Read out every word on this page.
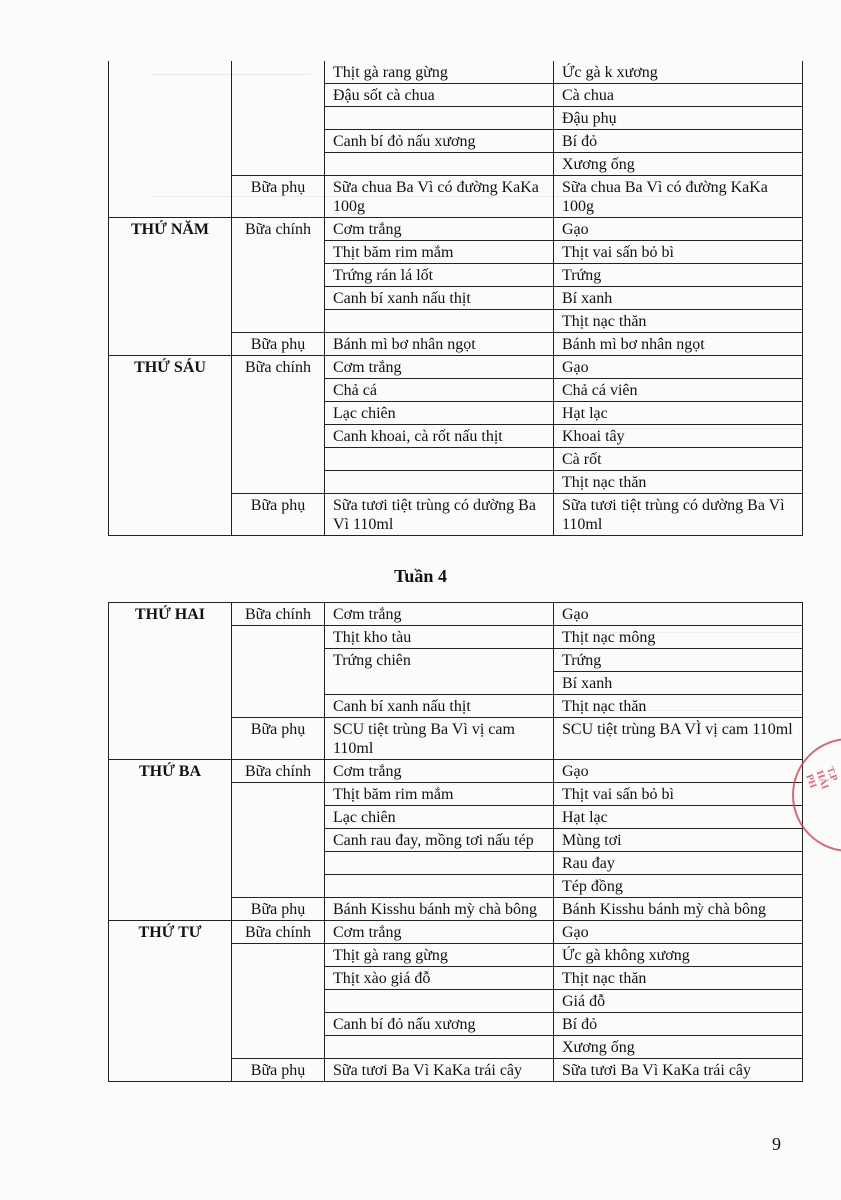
		Thịt gà rang gừng	Ức gà k xương
		Đậu sốt cà chua	Cà chua
			Đậu phụ
		Canh bí đỏ nấu xương	Bí đỏ
			Xương ống
	Bữa phụ	Sữa chua Ba Vì có đường KaKa 100g	Sữa chua Ba Vì có đường KaKa 100g
THỨ NĂM	Bữa chính	Cơm trắng	Gạo
		Thịt băm rim mắm	Thịt vai sấn bỏ bì
		Trứng rán lá lốt	Trứng
		Canh bí xanh nấu thịt	Bí xanh
			Thịt nạc thăn
	Bữa phụ	Bánh mì bơ nhân ngọt	Bánh mì bơ nhân ngọt
THỨ SÁU	Bữa chính	Cơm trắng	Gạo
		Chả cá	Chả cá viên
		Lạc chiên	Hạt lạc
		Canh khoai, cà rốt nấu thịt	Khoai tây
			Cà rốt
			Thịt nạc thăn
	Bữa phụ	Sữa tươi tiệt trùng có dường Ba Vì 110ml	Sữa tươi tiệt trùng có dường Ba Vì 110ml
Tuần 4
THỨ HAI	Bữa chính	Cơm trắng	Gạo
		Thịt kho tàu	Thịt nạc mông
		Trứng chiên	Trứng
			Bí xanh
		Canh bí xanh nấu thịt	Thịt nạc thăn
	Bữa phụ	SCU tiệt trùng Ba Vì vị cam 110ml	SCU tiệt trùng BA VÌ vị cam 110ml
THỨ BA	Bữa chính	Cơm trắng	Gạo
		Thịt băm rim mắm	Thịt vai sấn bỏ bì
		Lạc chiên	Hạt lạc
		Canh rau đay, mồng tơi nấu tép	Mùng tơi
			Rau đay
			Tép đồng
	Bữa phụ	Bánh Kisshu bánh mỳ chà bông	Bánh Kisshu bánh mỳ chà bông
THỨ TƯ	Bữa chính	Cơm trắng	Gạo
		Thịt gà rang gừng	Ức gà không xương
		Thịt xào giá đỗ	Thịt nạc thăn
			Giá đỗ
		Canh bí đỏ nấu xương	Bí đỏ
			Xương ống
	Bữa phụ	Sữa tươi Ba Vì KaKa trái cây	Sữa tươi Ba Vì KaKa trái cây
T.P HẢI PH
9
